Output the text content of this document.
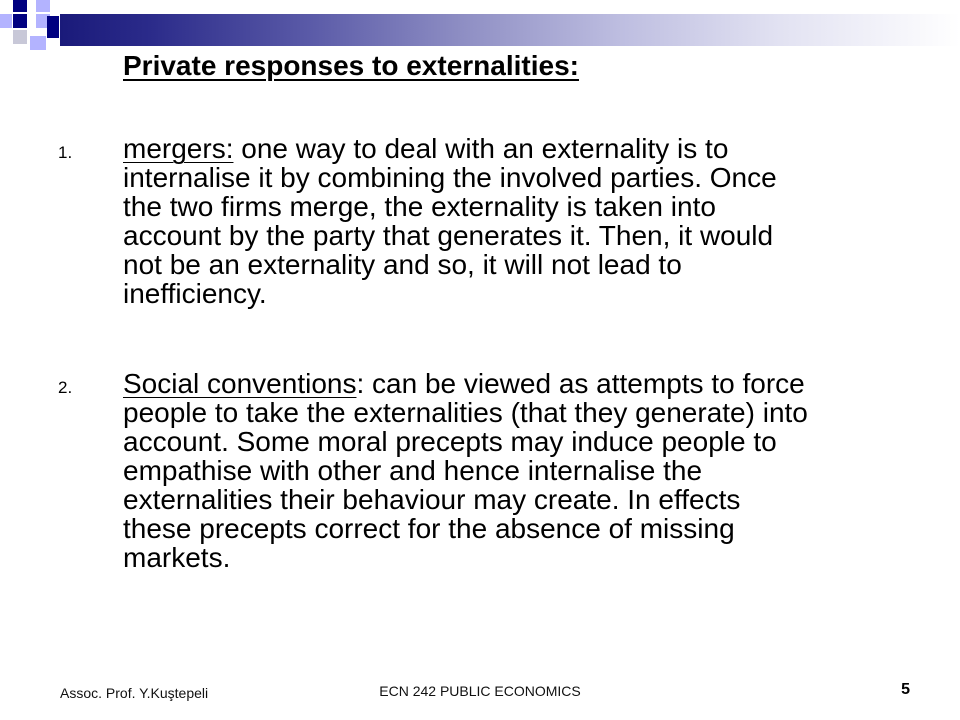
Private responses to externalities:
1. mergers: one way to deal with an externality is to
internalise it by combining the involved parties. Once
the two firms merge, the externality is taken into
account by the party that generates it. Then, it would
not be an externality and so, it will not lead to
inefficiency.
2. Social conventions: can be viewed as attempts to force
people to take the externalities (that they generate) into
account. Some moral precepts may induce people to
empathise with other and hence internalise the
externalities their behaviour may create. In effects
these precepts correct for the absence of missing
markets.
Assoc. Prof. Y.Kuştepeli	ECN 242 PUBLIC ECONOMICS	5
